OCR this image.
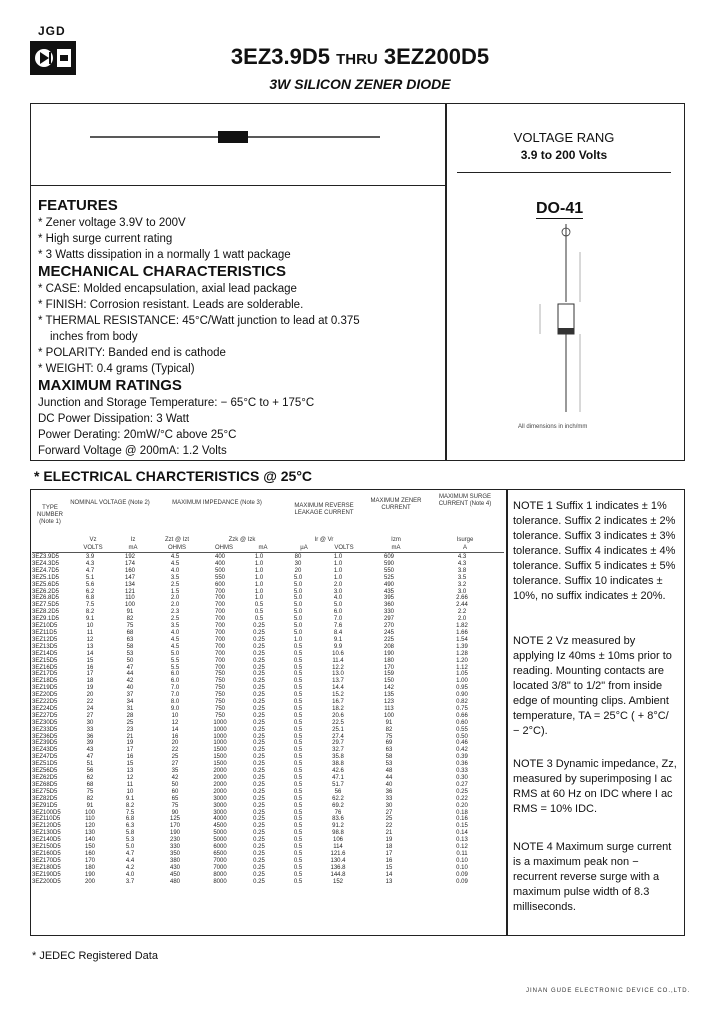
JGD
3EZ3.9D5 THRU 3EZ200D5
3W SILICON ZENER DIODE
FEATURES
* Zener voltage 3.9V to 200V
* High surge current rating
* 3 Watts dissipation in a normally 1 watt package
MECHANICAL CHARACTERISTICS
* CASE: Molded encapsulation, axial lead package
* FINISH: Corrosion resistant. Leads are solderable.
* THERMAL RESISTANCE: 45°C/Watt junction to lead at 0.375
inches from body
* POLARITY: Banded end is cathode
* WEIGHT: 0.4 grams (Typical)
MAXIMUM RATINGS
Junction and Storage Temperature: − 65°C to + 175°C
DC Power Dissipation: 3 Watt
Power Derating: 20mW/°C above 25°C
Forward Voltage @ 200mA: 1.2 Volts
VOLTAGE RANG
3.9 to 200 Volts
DO-41
All dimensions in inch/mm
* ELECTRICAL CHARCTERISTICS @ 25°C
TYPE NUMBER (Note 1)
NOMINAL VOLTAGE (Note 2)	MAXIMUM IMPEDANCE (Note 3)	MAXIMUM REVERSE LEAKAGE CURRENT
MAXIMUM ZENER CURRENT
MAXIMUM SURGE CURRENT (Note 4)
Vz	Iz	Zzt @ Izt	Zzk @ Izk	Ir @ Vr	Izm	Isurge
VOLTS	mA	OHMS	OHMS	mA	µA	VOLTS	mA	A
3EZ3.9D5	3.9	192	4.5	400	1.0	80	1.0	609	4.3
3EZ4.3D5	4.3	174	4.5	400	1.0	30	1.0	590	4.3
3EZ4.7D5	4.7	160	4.0	500	1.0	20	1.0	550	3.8
3EZ5.1D5	5.1	147	3.5	550	1.0	5.0	1.0	525	3.5
3EZ5.6D5	5.6	134	2.5	600	1.0	5.0	2.0	490	3.2
3EZ6.2D5	6.2	121	1.5	700	1.0	5.0	3.0	435	3.0
3EZ6.8D5	6.8	110	2.0	700	1.0	5.0	4.0	395	2.66
3EZ7.5D5	7.5	100	2.0	700	0.5	5.0	5.0	360	2.44
3EZ8.2D5	8.2	91	2.3	700	0.5	5.0	6.0	330	2.2
3EZ9.1D5	9.1	82	2.5	700	0.5	5.0	7.0	297	2.0
3EZ10D5	10	75	3.5	700	0.25	5.0	7.6	270	1.82
3EZ11D5	11	68	4.0	700	0.25	5.0	8.4	245	1.66
3EZ12D5	12	63	4.5	700	0.25	1.0	9.1	225	1.54
3EZ13D5	13	58	4.5	700	0.25	0.5	9.9	208	1.39
3EZ14D5	14	53	5.0	700	0.25	0.5	10.6	190	1.28
3EZ15D5	15	50	5.5	700	0.25	0.5	11.4	180	1.20
3EZ16D5	16	47	5.5	700	0.25	0.5	12.2	170	1.12
3EZ17D5	17	44	6.0	750	0.25	0.5	13.0	159	1.05
3EZ18D5	18	42	6.0	750	0.25	0.5	13.7	150	1.00
3EZ19D5	19	40	7.0	750	0.25	0.5	14.4	142	0.95
3EZ20D5	20	37	7.0	750	0.25	0.5	15.2	135	0.90
3EZ22D5	22	34	8.0	750	0.25	0.5	16.7	123	0.82
3EZ24D5	24	31	9.0	750	0.25	0.5	18.2	113	0.75
3EZ27D5	27	28	10	750	0.25	0.5	20.6	100	0.66
3EZ30D5	30	25	12	1000	0.25	0.5	22.5	91	0.60
3EZ33D5	33	23	14	1000	0.25	0.5	25.1	82	0.55
3EZ36D5	36	21	16	1000	0.25	0.5	27.4	75	0.50
3EZ39D5	39	19	20	1000	0.25	0.5	29.7	69	0.46
3EZ43D5	43	17	22	1500	0.25	0.5	32.7	63	0.42
3EZ47D5	47	16	25	1500	0.25	0.5	35.8	58	0.39
3EZ51D5	51	15	27	1500	0.25	0.5	38.8	53	0.36
3EZ56D5	56	13	35	2000	0.25	0.5	42.6	48	0.33
3EZ62D5	62	12	42	2000	0.25	0.5	47.1	44	0.30
3EZ68D5	68	11	50	2000	0.25	0.5	51.7	40	0.27
3EZ75D5	75	10	60	2000	0.25	0.5	56	36	0.25
3EZ82D5	82	9.1	65	3000	0.25	0.5	62.2	33	0.22
3EZ91D5	91	8.2	75	3000	0.25	0.5	69.2	30	0.20
3EZ100D5	100	7.5	90	3000	0.25	0.5	76	27	0.18
3EZ110D5	110	6.8	125	4000	0.25	0.5	83.6	25	0.16
3EZ120D5	120	6.3	170	4500	0.25	0.5	91.2	22	0.15
3EZ130D5	130	5.8	190	5000	0.25	0.5	98.8	21	0.14
3EZ140D5	140	5.3	230	5000	0.25	0.5	106	19	0.13
3EZ150D5	150	5.0	330	6000	0.25	0.5	114	18	0.12
3EZ160D5	160	4.7	350	6500	0.25	0.5	121.6	17	0.11
3EZ170D5	170	4.4	380	7000	0.25	0.5	130.4	16	0.10
3EZ180D5	180	4.2	430	7000	0.25	0.5	136.8	15	0.10
3EZ190D5	190	4.0	450	8000	0.25	0.5	144.8	14	0.09
3EZ200D5	200	3.7	480	8000	0.25	0.5	152	13	0.09
NOTE 1 Suffix 1 indicates ± 1% tolerance. Suffix 2 indicates ± 2% tolerance. Suffix 3 indicates ± 3% tolerance. Suffix 4 indicates ± 4% tolerance. Suffix 5 indicates ± 5% tolerance. Suffix 10 indicates ± 10%, no suffix indicates ± 20%.
NOTE 2 Vz measured by applying Iz 40ms ± 10ms prior to reading. Mounting contacts are located 3/8" to 1/2" from inside edge of mounting clips. Ambient temperature, TA = 25°C ( + 8°C/ − 2°C).
NOTE 3 Dynamic impedance, Zz, measured by superimposing I ac RMS at 60 Hz on IDC where I ac RMS = 10% IDC.
NOTE 4 Maximum surge current is a maximum peak non − recurrent reverse surge with a maximum pulse width of 8.3 milliseconds.
* JEDEC Registered Data
JINAN GUDE ELECTRONIC DEVICE CO.,LTD.
